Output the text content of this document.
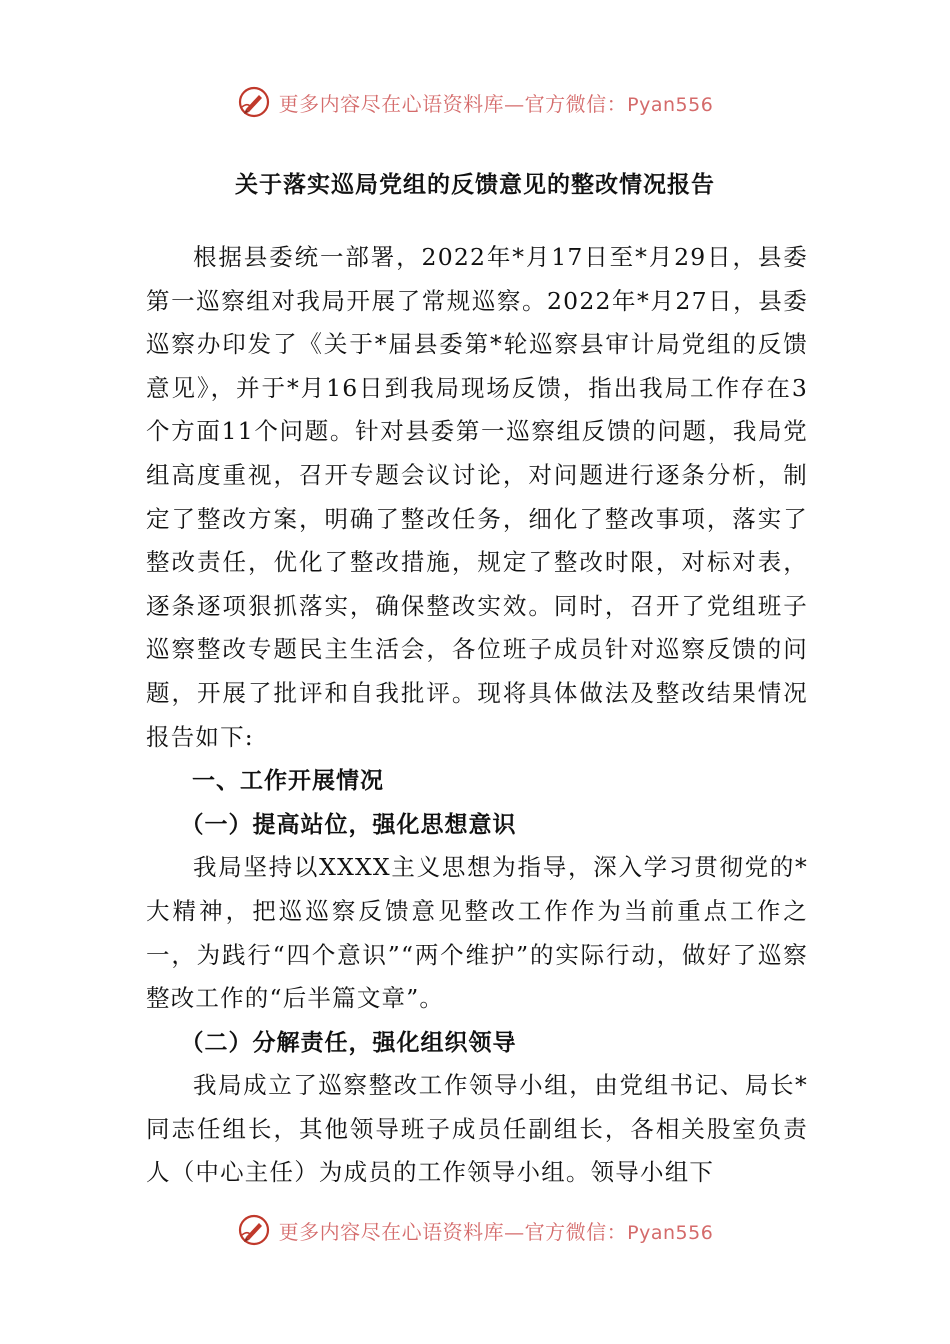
更多内容尽在心语资料库—官方微信：Pyan556
关于落实巡局党组的反馈意见的整改情况报告

根据县委统一部署，2022年*月17日至*月29日，县委第一巡察组对我局开展了常规巡察。2022年*月27日，县委巡察办印发了《关于*届县委第*轮巡察县审计局党组的反馈意见》，并于*月16日到我局现场反馈，指出我局工作存在3个方面11个问题。针对县委第一巡察组反馈的问题，我局党组高度重视，召开专题会议讨论，对问题进行逐条分析，制定了整改方案，明确了整改任务，细化了整改事项，落实了整改责任，优化了整改措施，规定了整改时限，对标对表，逐条逐项狠抓落实，确保整改实效。同时，召开了党组班子巡察整改专题民主生活会，各位班子成员针对巡察反馈的问题，开展了批评和自我批评。现将具体做法及整改结果情况报告如下:

一、工作开展情况

（一）提高站位，强化思想意识

我局坚持以XXXX主义思想为指导，深入学习贯彻党的*大精神，把巡巡察反馈意见整改工作作为当前重点工作之一，为践行“四个意识”“两个维护”的实际行动，做好了巡察整改工作的“后半篇文章”。

（二）分解责任，强化组织领导

我局成立了巡察整改工作领导小组，由党组书记、局长*同志任组长，其他领导班子成员任副组长，各相关股室负责人（中心主任）为成员的工作领导小组。领导小组下

更多内容尽在心语资料库—官方微信：Pyan556
